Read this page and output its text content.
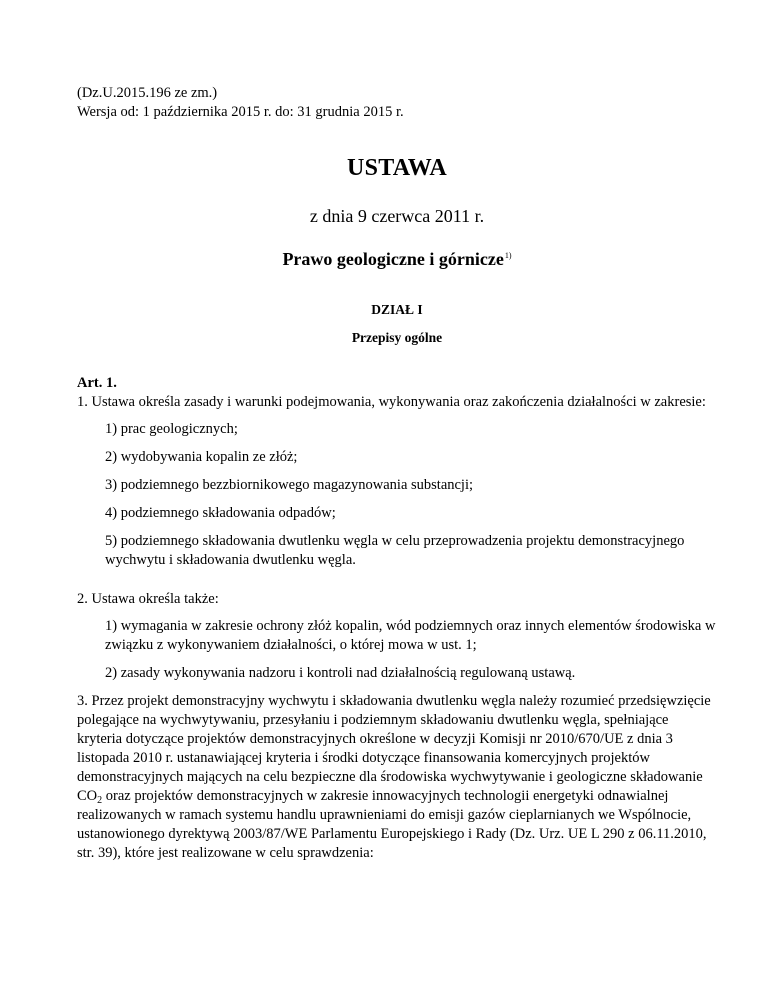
(Dz.U.2015.196 ze zm.)

Wersja od: 1 października 2015 r. do: 31 grudnia 2015 r.

USTAWA

z dnia 9 czerwca 2011 r.

Prawo geologiczne i górnicze$^{1)}$

DZIAŁ I

Przepisy ogólne

Art. 1.

1. Ustawa określa zasady i warunki podejmowania, wykonywania oraz zakończenia działalności w zakresie:

1) prac geologicznych;
2) wydobywania kopalin ze złóż;
3) podziemnego bezzbiornikowego magazynowania substancji;
4) podziemnego składowania odpadów;
5) podziemnego składowania dwutlenku węgla w celu przeprowadzenia projektu demonstracyjnego wychwytu i składowania dwutlenku węgla.

2. Ustawa określa także:

1) wymagania w zakresie ochrony złóż kopalin, wód podziemnych oraz innych elementów środowiska w związku z wykonywaniem działalności, o której mowa w ust. 1;
2) zasady wykonywania nadzoru i kontroli nad działalnością regulowaną ustawą.

3. Przez projekt demonstracyjny wychwytu i składowania dwutlenku węgla należy rozumieć przedsięwzięcie polegające na wychwytywaniu, przesyłaniu i podziemnym składowaniu dwutlenku węgla, spełniające kryteria dotyczące projektów demonstracyjnych określone w decyzji Komisji nr 2010/670/UE z dnia 3 listopada 2010 r. ustanawiającej kryteria i środki dotyczące finansowania komercyjnych projektów demonstracyjnych mających na celu bezpieczne dla środowiska wychwytywanie i geologiczne składowanie $CO_2$ oraz projektów demonstracyjnych w zakresie innowacyjnych technologii energetyki odnawialnej realizowanych w ramach systemu handlu uprawnieniami do emisji gazów cieplarnianych we Wspólnocie, ustanowionego dyrektywą 2003/87/WE Parlamentu Europejskiego i Rady (Dz. Urz. UE L 290 z 06.11.2010, str. 39), które jest realizowane w celu sprawdzenia:
